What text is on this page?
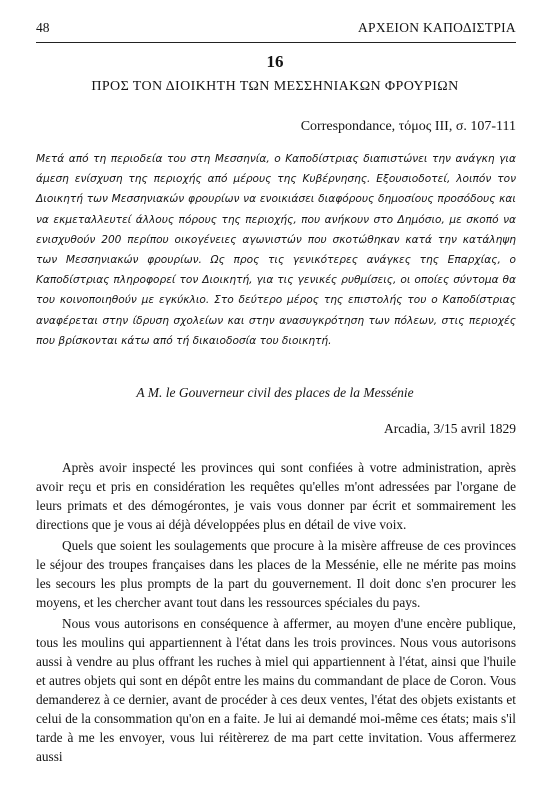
48	ΑΡΧΕΙΟΝ ΚΑΠΟΔΙΣΤΡΙΑ
16
ΠΡΟΣ ΤΟΝ ΔΙΟΙΚΗΤΗ ΤΩΝ ΜΕΣΣΗΝΙΑΚΩΝ ΦΡΟΥΡΙΩΝ
Correspondance, τόμος III, σ. 107-111
Μετά από τη περιοδεία του στη Μεσσηνία, ο Καποδίστριας διαπιστώνει την ανάγκη για άμεση ενίσχυση της περιοχής από μέρους της Κυβέρνησης. Εξουσιοδοτεί, λοιπόν τον Διοικητή των Μεσσηνιακών φρουρίων να ενοικιάσει διαφόρους δημοσίους προσόδους και να εκμεταλλευτεί άλλους πόρους της περιοχής, που ανήκουν στο Δημόσιο, με σκοπό να ενισχυθούν 200 περίπου οικογένειες αγωνιστών που σκοτώθηκαν κατά την κατάληψη των Μεσσηνιακών φρουρίων. Ως προς τις γενικότερες ανάγκες της Επαρχίας, ο Καποδίστριας πληροφορεί τον Διοικητή, για τις γενικές ρυθμίσεις, οι οποίες σύντομα θα του κοινοποιηθούν με εγκύκλιο. Στο δεύτερο μέρος της επιστολής του ο Καποδίστριας αναφέρεται στην ίδρυση σχολείων και στην ανασυγκρότηση των πόλεων, στις περιοχές που βρίσκονται κάτω από τή δικαιοδοσία του διοικητή.
A M. le Gouverneur civil des places de la Messénie
Arcadia, 3/15 avril 1829

Après avoir inspecté les provinces qui sont confiées à votre administration, après avoir reçu et pris en considération les requêtes qu'elles m'ont adressées par l'organe de leurs primats et des démogérontes, je vais vous donner par écrit et sommairement les directions que je vous ai déjà développées plus en détail de vive voix.

Quels que soient les soulagements que procure à la misère affreuse de ces provinces le séjour des troupes françaises dans les places de la Messénie, elle ne mérite pas moins les secours les plus prompts de la part du gouvernement. Il doit donc s'en procurer les moyens, et les chercher avant tout dans les ressources spéciales du pays.

Nous vous autorisons en conséquence à affermer, au moyen d'une encère publique, tous les moulins qui appartiennent à l'état dans les trois provinces. Nous vous autorisons aussi à vendre au plus offrant les ruches à miel qui appartiennent à l'état, ainsi que l'huile et autres objets qui sont en dépôt entre les mains du commandant de place de Coron. Vous demanderez à ce dernier, avant de procéder à ces deux ventes, l'état des objets existants et celui de la consommation qu'on en a faite. Je lui ai demandé moi-même ces états; mais s'il tarde à me les envoyer, vous lui réitèrerez de ma part cette invitation. Vous affermerez aussi
